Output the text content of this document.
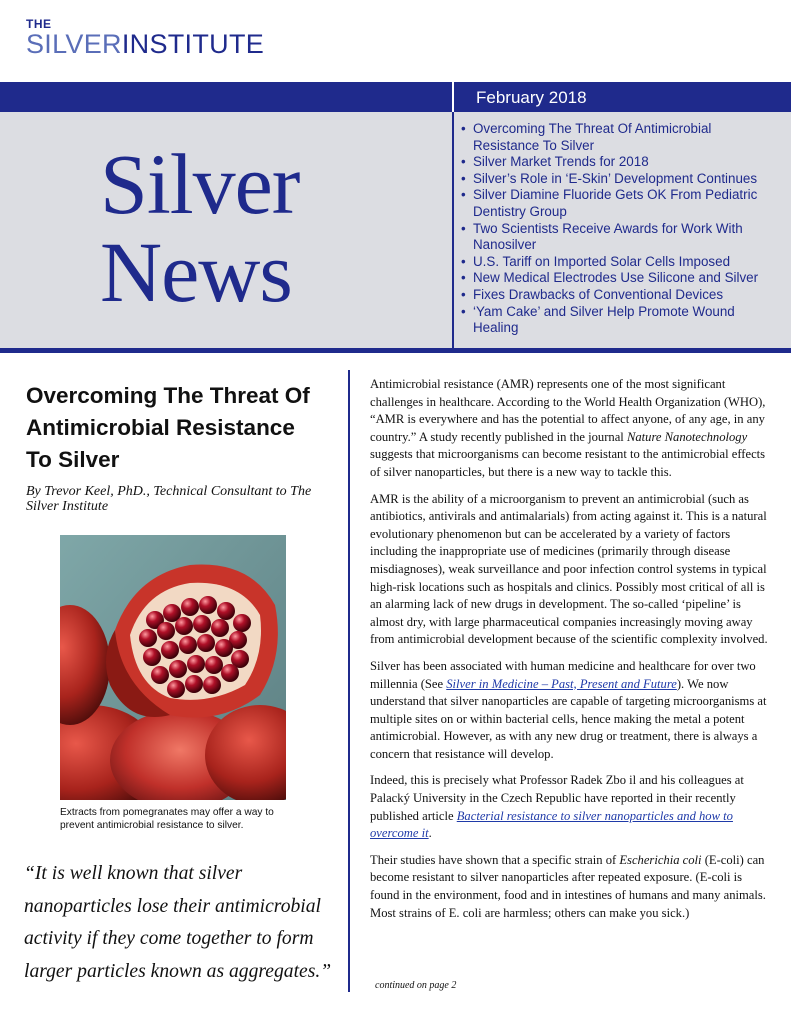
THE
SILVERINSTITUTE
February 2018
Silver
News
• Overcoming The Threat Of Antimicrobial Resistance To Silver
• Silver Market Trends for 2018
• Silver’s Role in ‘E-Skin’ Development Continues
• Silver Diamine Fluoride Gets OK From Pediatric Dentistry Group
• Two Scientists Receive Awards for Work With Nanosilver
• U.S. Tariff on Imported Solar Cells Imposed
• New Medical Electrodes Use Silicone and Silver
• Fixes Drawbacks of Conventional Devices
• ‘Yam Cake’ and Silver Help Promote Wound Healing
Overcoming The Threat Of Antimicrobial Resistance To Silver
By Trevor Keel, PhD., Technical Consultant to The Silver Institute
Extracts from pomegranates may offer a way to prevent antimicrobial resistance to silver.
“It is well known that silver nanoparticles lose their antimicrobial activity if they come together to form larger particles known as aggregates.”

Antimicrobial resistance (AMR) represents one of the most significant challenges in healthcare. According to the World Health Organization (WHO), “AMR is everywhere and has the potential to affect anyone, of any age, in any country.” A study recently published in the journal Nature Nanotechnology suggests that microorganisms can become resistant to the antimicrobial effects of silver nanoparticles, but there is a new way to tackle this.

AMR is the ability of a microorganism to prevent an antimicrobial (such as antibiotics, antivirals and antimalarials) from acting against it. This is a natural evolutionary phenomenon but can be accelerated by a variety of factors including the inappropriate use of medicines (primarily through disease misdiagnoses), weak surveillance and poor infection control systems in typical high-risk locations such as hospitals and clinics. Possibly most critical of all is an alarming lack of new drugs in development. The so-called ‘pipeline’ is almost dry, with large pharmaceutical companies increasingly moving away from antimicrobial development because of the scientific complexity involved.

Silver has been associated with human medicine and healthcare for over two millennia (See Silver in Medicine – Past, Present and Future). We now understand that silver nanoparticles are capable of targeting microorganisms at multiple sites on or within bacterial cells, hence making the metal a potent antimicrobial. However, as with any new drug or treatment, there is always a concern that resistance will develop.

Indeed, this is precisely what Professor Radek Zbo il and his colleagues at Palacký University in the Czech Republic have reported in their recently published article Bacterial resistance to silver nanoparticles and how to overcome it.

Their studies have shown that a specific strain of Escherichia coli (E-coli) can become resistant to silver nanoparticles after repeated exposure. (E-coli is found in the environment, food and in intestines of humans and many animals. Most strains of E. coli are harmless; others can make you sick.)

continued on page 2
